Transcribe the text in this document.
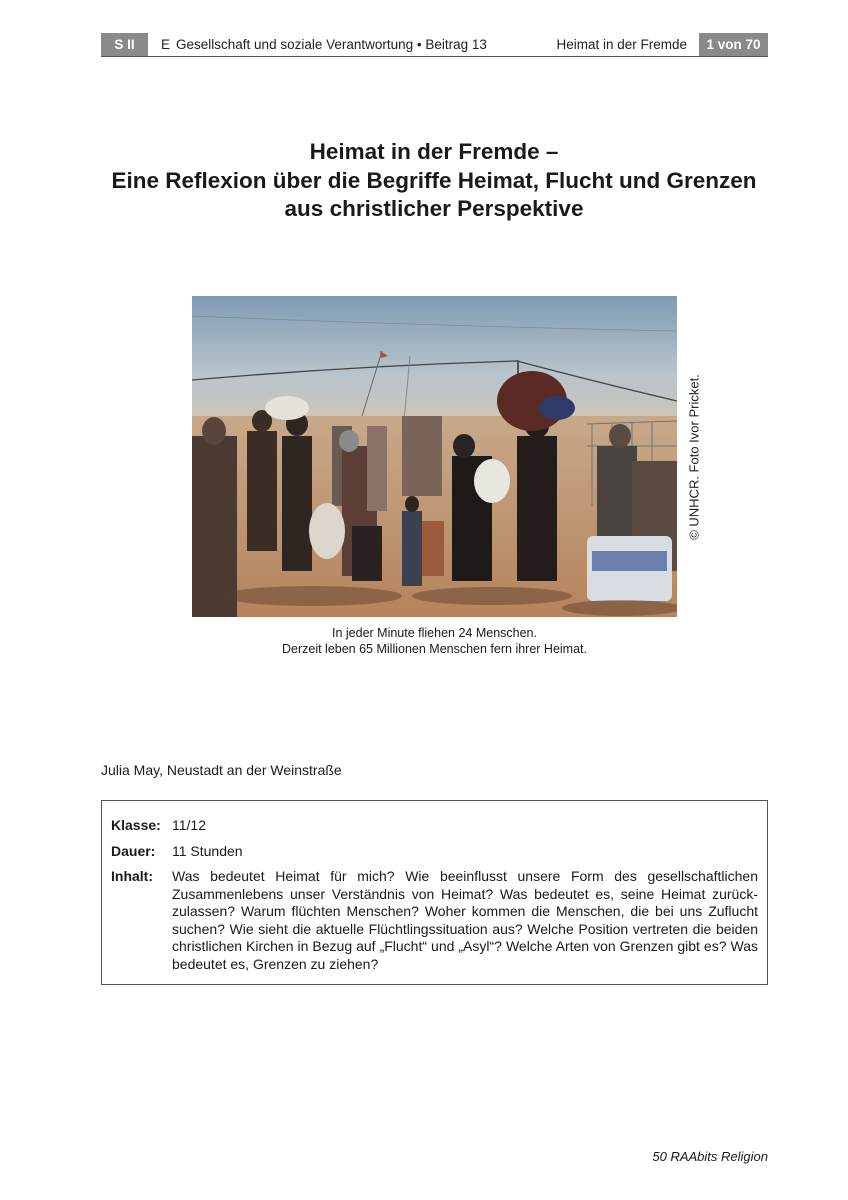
S II	E Gesellschaft und soziale Verantwortung • Beitrag 13	Heimat in der Fremde	1 von 70
Heimat in der Fremde –
Eine Reflexion über die Begriffe Heimat, Flucht und Grenzen
aus christlicher Perspektive
© UNHCR. Foto Ivor Pricket.
In jeder Minute fliehen 24 Menschen.
Derzeit leben 65 Millionen Menschen fern ihrer Heimat.
Julia May, Neustadt an der Weinstraße
Klasse: 11/12
Dauer:	11 Stunden
Inhalt:	Was bedeutet Heimat für mich? Wie beeinflusst unsere Form des gesellschaftlichen Zusammenlebens unser Verständnis von Heimat? Was bedeutet es, seine Heimat zurückzulassen? Warum flüchten Menschen? Woher kommen die Menschen, die bei uns Zuflucht suchen? Wie sieht die aktuelle Flüchtlingssituation aus? Welche Position vertreten die beiden christlichen Kirchen in Bezug auf „Flucht“ und „Asyl“? Welche Arten von Grenzen gibt es? Was bedeutet es, Grenzen zu ziehen?
50 RAAbits Religion
